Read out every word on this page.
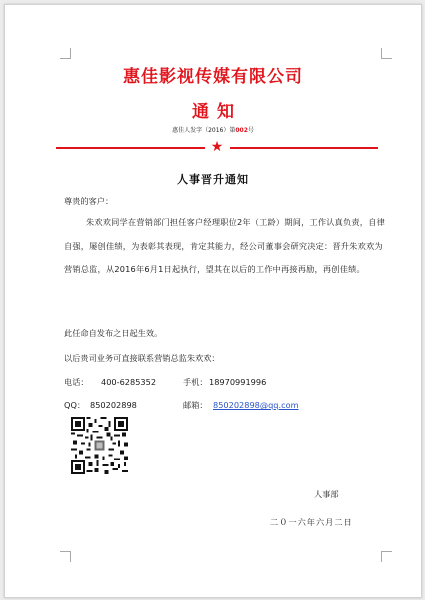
惠佳影视传媒有限公司
通知
惠佳人发字（2016）第002号
★
人事晋升通知
尊贵的客户：
朱欢欢同学在营销部门担任客户经理职位2年（工龄）期间，工作认真负责，自律自强，屡创佳绩，为表彰其表现，肯定其能力，经公司董事会研究决定：晋升朱欢欢为营销总监，从2016年6月1日起执行，望其在以后的工作中再接再励，再创佳绩。
此任命自发布之日起生效。
以后贵司业务可直接联系营销总监朱欢欢：
电话： 400-6285352	手机： 18970991996
QQ： 850202898	邮箱： 850202898@qq.com
人事部
二０一六年六月二日
